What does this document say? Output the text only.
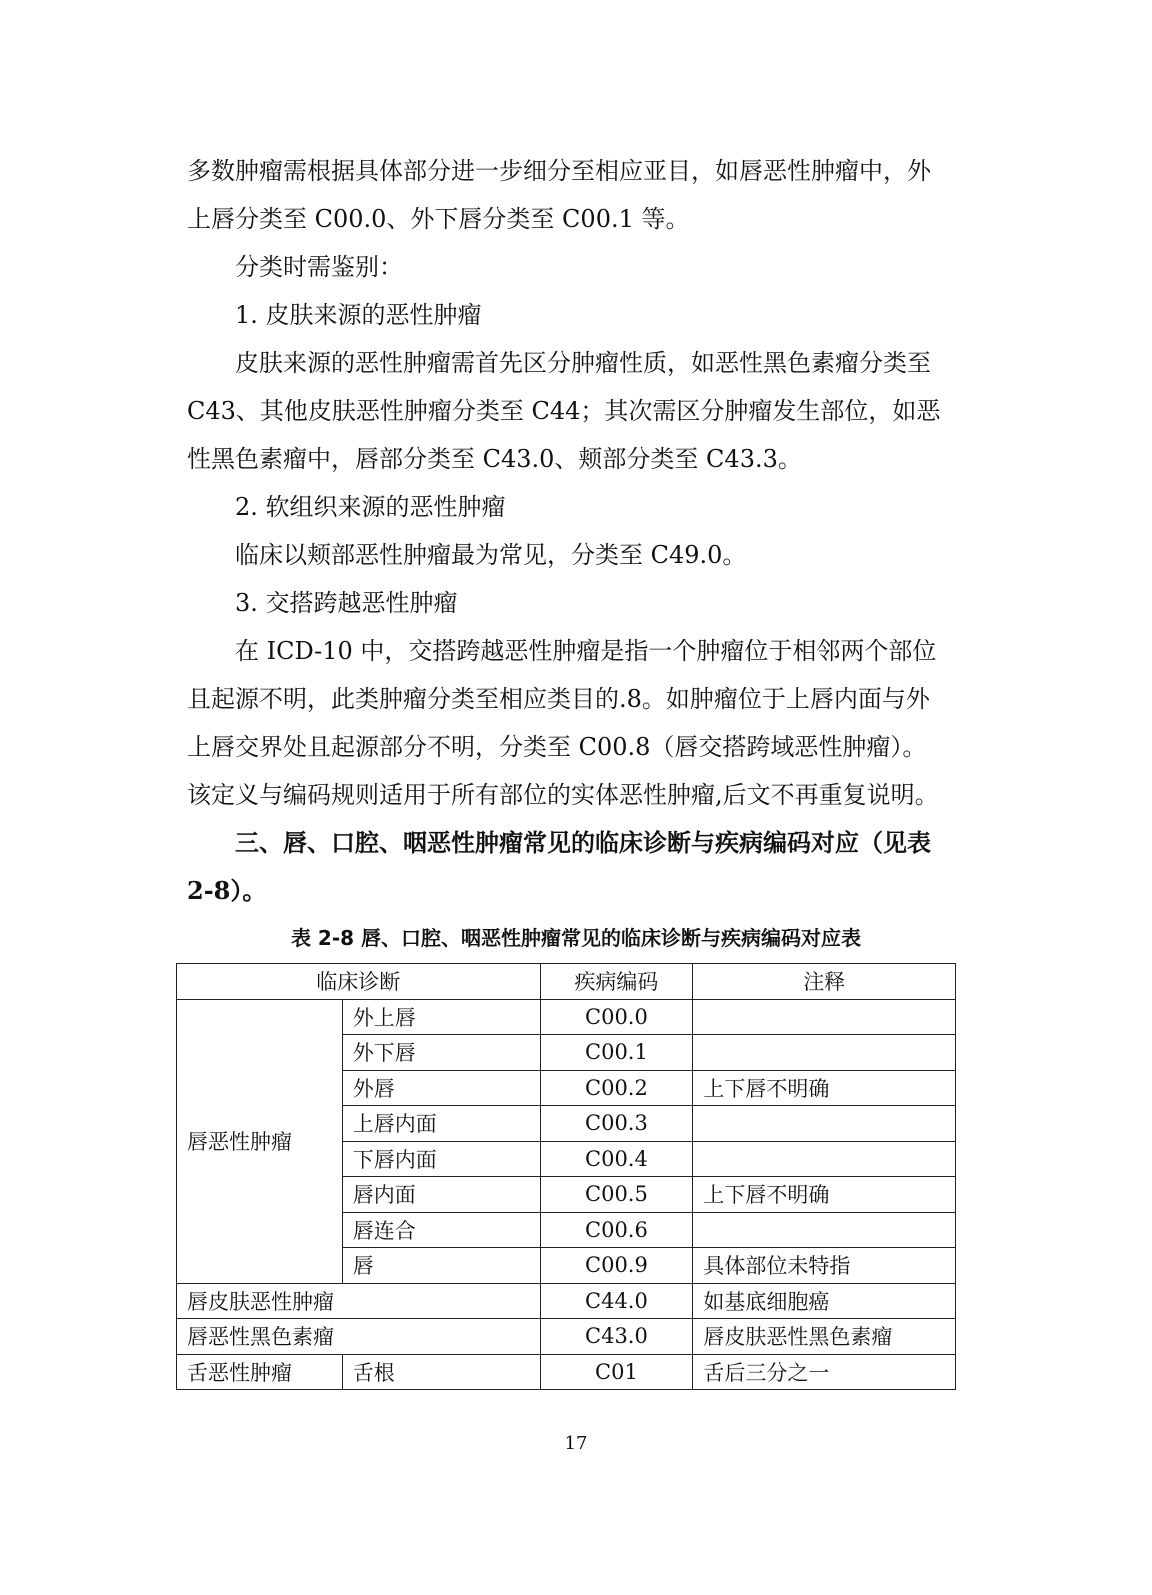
多数肿瘤需根据具体部分进一步细分至相应亚目，如唇恶性肿瘤中，外
上唇分类至 C00.0、外下唇分类至 C00.1 等。
分类时需鉴别：
1. 皮肤来源的恶性肿瘤
皮肤来源的恶性肿瘤需首先区分肿瘤性质，如恶性黑色素瘤分类至
C43、其他皮肤恶性肿瘤分类至 C44；其次需区分肿瘤发生部位，如恶
性黑色素瘤中，唇部分类至 C43.0、颊部分类至 C43.3。
2. 软组织来源的恶性肿瘤
临床以颊部恶性肿瘤最为常见，分类至 C49.0。
3. 交搭跨越恶性肿瘤
在 ICD-10 中，交搭跨越恶性肿瘤是指一个肿瘤位于相邻两个部位
且起源不明，此类肿瘤分类至相应类目的.8。如肿瘤位于上唇内面与外
上唇交界处且起源部分不明，分类至 C00.8（唇交搭跨域恶性肿瘤）。
该定义与编码规则适用于所有部位的实体恶性肿瘤,后文不再重复说明。
三、唇、口腔、咽恶性肿瘤常见的临床诊断与疾病编码对应（见表
2-8）。
表 2-8 唇、口腔、咽恶性肿瘤常见的临床诊断与疾病编码对应表
临床诊断		疾病编码	注释
唇恶性肿瘤	外上唇	C00.0	
	外下唇	C00.1	
	外唇	C00.2	上下唇不明确
	上唇内面	C00.3	
	下唇内面	C00.4	
	唇内面	C00.5	上下唇不明确
	唇连合	C00.6	
	唇	C00.9	具体部位未特指
唇皮肤恶性肿瘤		C44.0	如基底细胞癌
唇恶性黑色素瘤		C43.0	唇皮肤恶性黑色素瘤
舌恶性肿瘤	舌根	C01	舌后三分之一
17
